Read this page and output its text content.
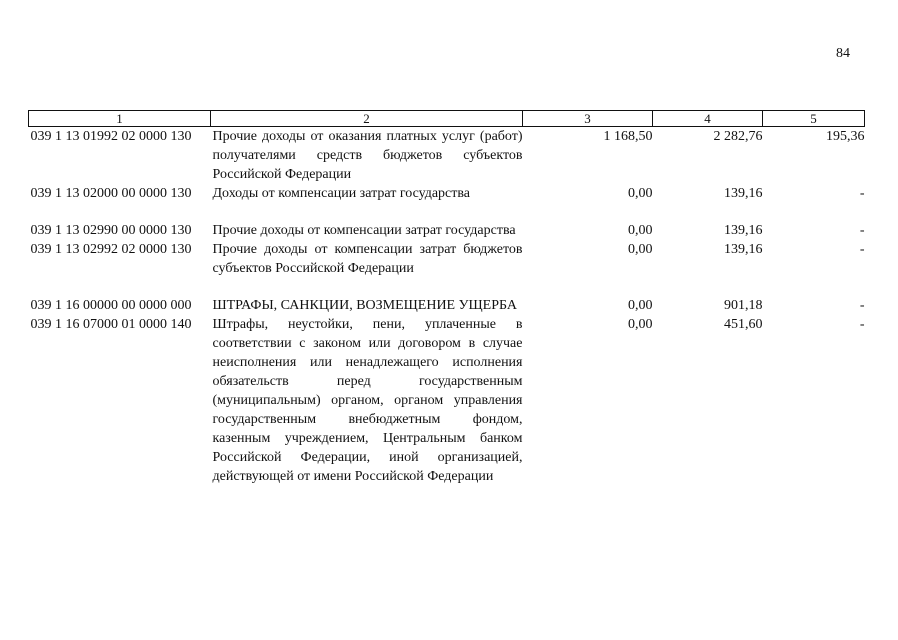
84
1	2	3	4	5
039 1 13 01992 02 0000 130	Прочие доходы от оказания платных услуг (работ) получателями средств бюджетов субъектов Российской Федерации	1 168,50	2 282,76	195,36
039 1 13 02000 00 0000 130	Доходы от компенсации затрат государства	0,00	139,16	-

039 1 13 02990 00 0000 130	Прочие доходы от компенсации затрат государства	0,00	139,16	-
039 1 13 02992 02 0000 130	Прочие доходы от компенсации затрат бюджетов субъектов Российской Федерации	0,00	139,16	-

039 1 16 00000 00 0000 000	ШТРАФЫ, САНКЦИИ, ВОЗМЕЩЕНИЕ УЩЕРБА	0,00	901,18	-
039 1 16 07000 01 0000 140	Штрафы, неустойки, пени, уплаченные в соответствии с законом или договором в случае неисполнения или ненадлежащего исполнения обязательств перед государственным (муниципальным) органом, органом управления государственным внебюджетным фондом, казенным учреждением, Центральным банком Российской Федерации, иной организацией, действующей от имени Российской Федерации	0,00	451,60	-
